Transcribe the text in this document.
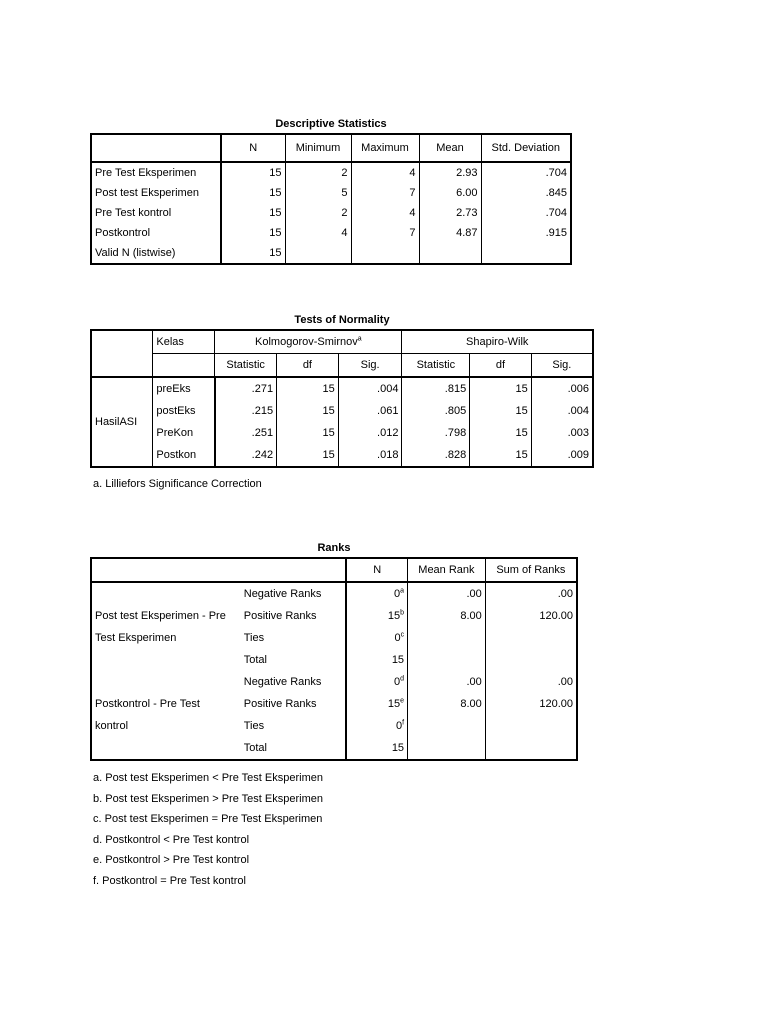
Descriptive Statistics
	N	Minimum	Maximum	Mean	Std. Deviation
Pre Test Eksperimen	15	2	4	2.93	.704
Post test Eksperimen	15	5	7	6.00	.845
Pre Test kontrol	15	2	4	2.73	.704
Postkontrol	15	4	7	4.87	.915
Valid N (listwise)	15				
Tests of Normality
	Kelas	Kolmogorov-Smirnov$^a$			Shapiro-Wilk		
		Statistic	df	Sig.	Statistic	df	Sig.
HasilASI	preEks	.271	15	.004	.815	15	.006
	postEks	.215	15	.061	.805	15	.004
	PreKon	.251	15	.012	.798	15	.003
	Postkon	.242	15	.018	.828	15	.009
a. Lilliefors Significance Correction
Ranks
		N	Mean Rank	Sum of Ranks

Post test Eksperimen - Pre
Test Eksperimen	Negative Ranks	0$^a$	.00	.00
	Positive Ranks	15$^b$	8.00	120.00
	Ties	0$^c$		
	Total	15		

Postkontrol - Pre Test
kontrol	Negative Ranks	0$^d$	.00	.00
	Positive Ranks	15e	8.00	120.00
	Ties	0$^f$		
	Total	15		
a. Post test Eksperimen < Pre Test Eksperimen
b. Post test Eksperimen > Pre Test Eksperimen
c. Post test Eksperimen = Pre Test Eksperimen
d. Postkontrol < Pre Test kontrol
e. Postkontrol > Pre Test kontrol
f. Postkontrol = Pre Test kontrol
